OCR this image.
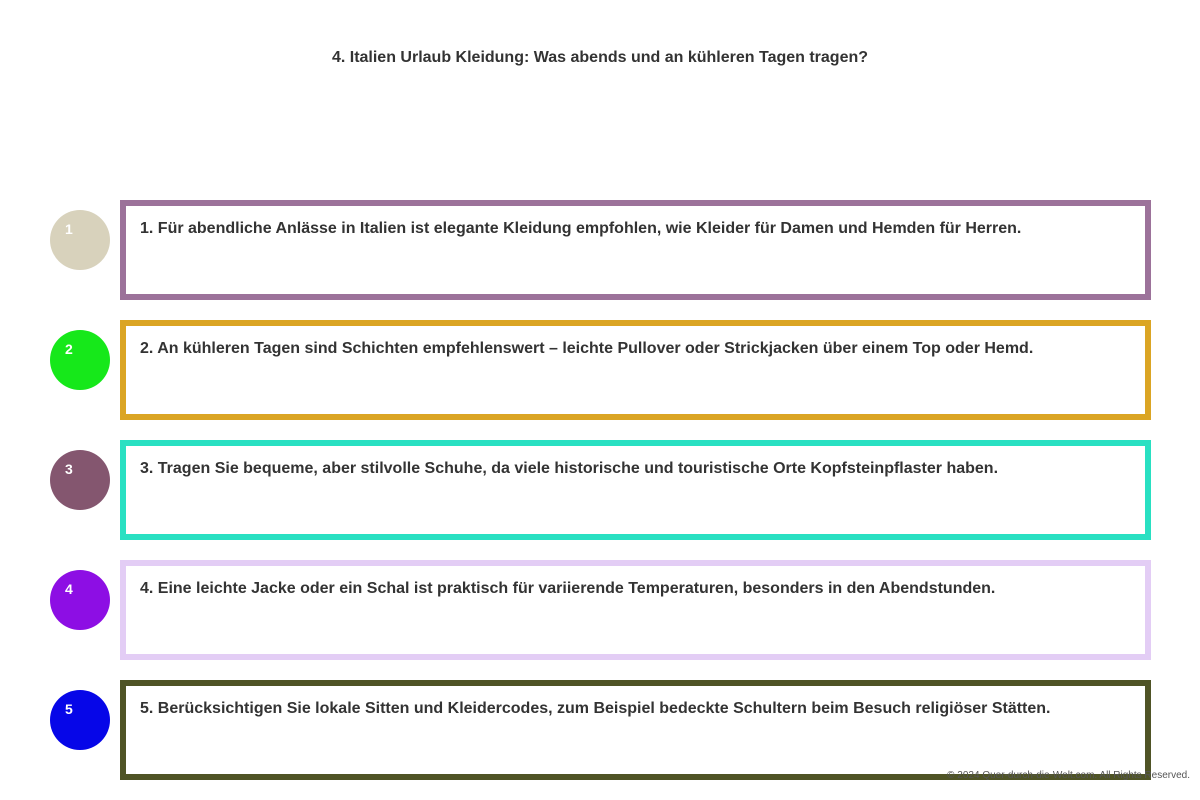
4. Italien Urlaub Kleidung: Was abends und an kühleren Tagen tragen?
1	1. Für abendliche Anlässe in Italien ist elegante Kleidung empfohlen, wie Kleider für Damen und Hemden für Herren.
2	2. An kühleren Tagen sind Schichten empfehlenswert – leichte Pullover oder Strickjacken über einem Top oder Hemd.
3	3. Tragen Sie bequeme, aber stilvolle Schuhe, da viele historische und touristische Orte Kopfsteinpflaster haben.
4	4. Eine leichte Jacke oder ein Schal ist praktisch für variierende Temperaturen, besonders in den Abendstunden.
5	5. Berücksichtigen Sie lokale Sitten und Kleidercodes, zum Beispiel bedeckte Schultern beim Besuch religiöser Stätten.
© 2024 Quer-durch-die-Welt.com. All Rights Reserved.
